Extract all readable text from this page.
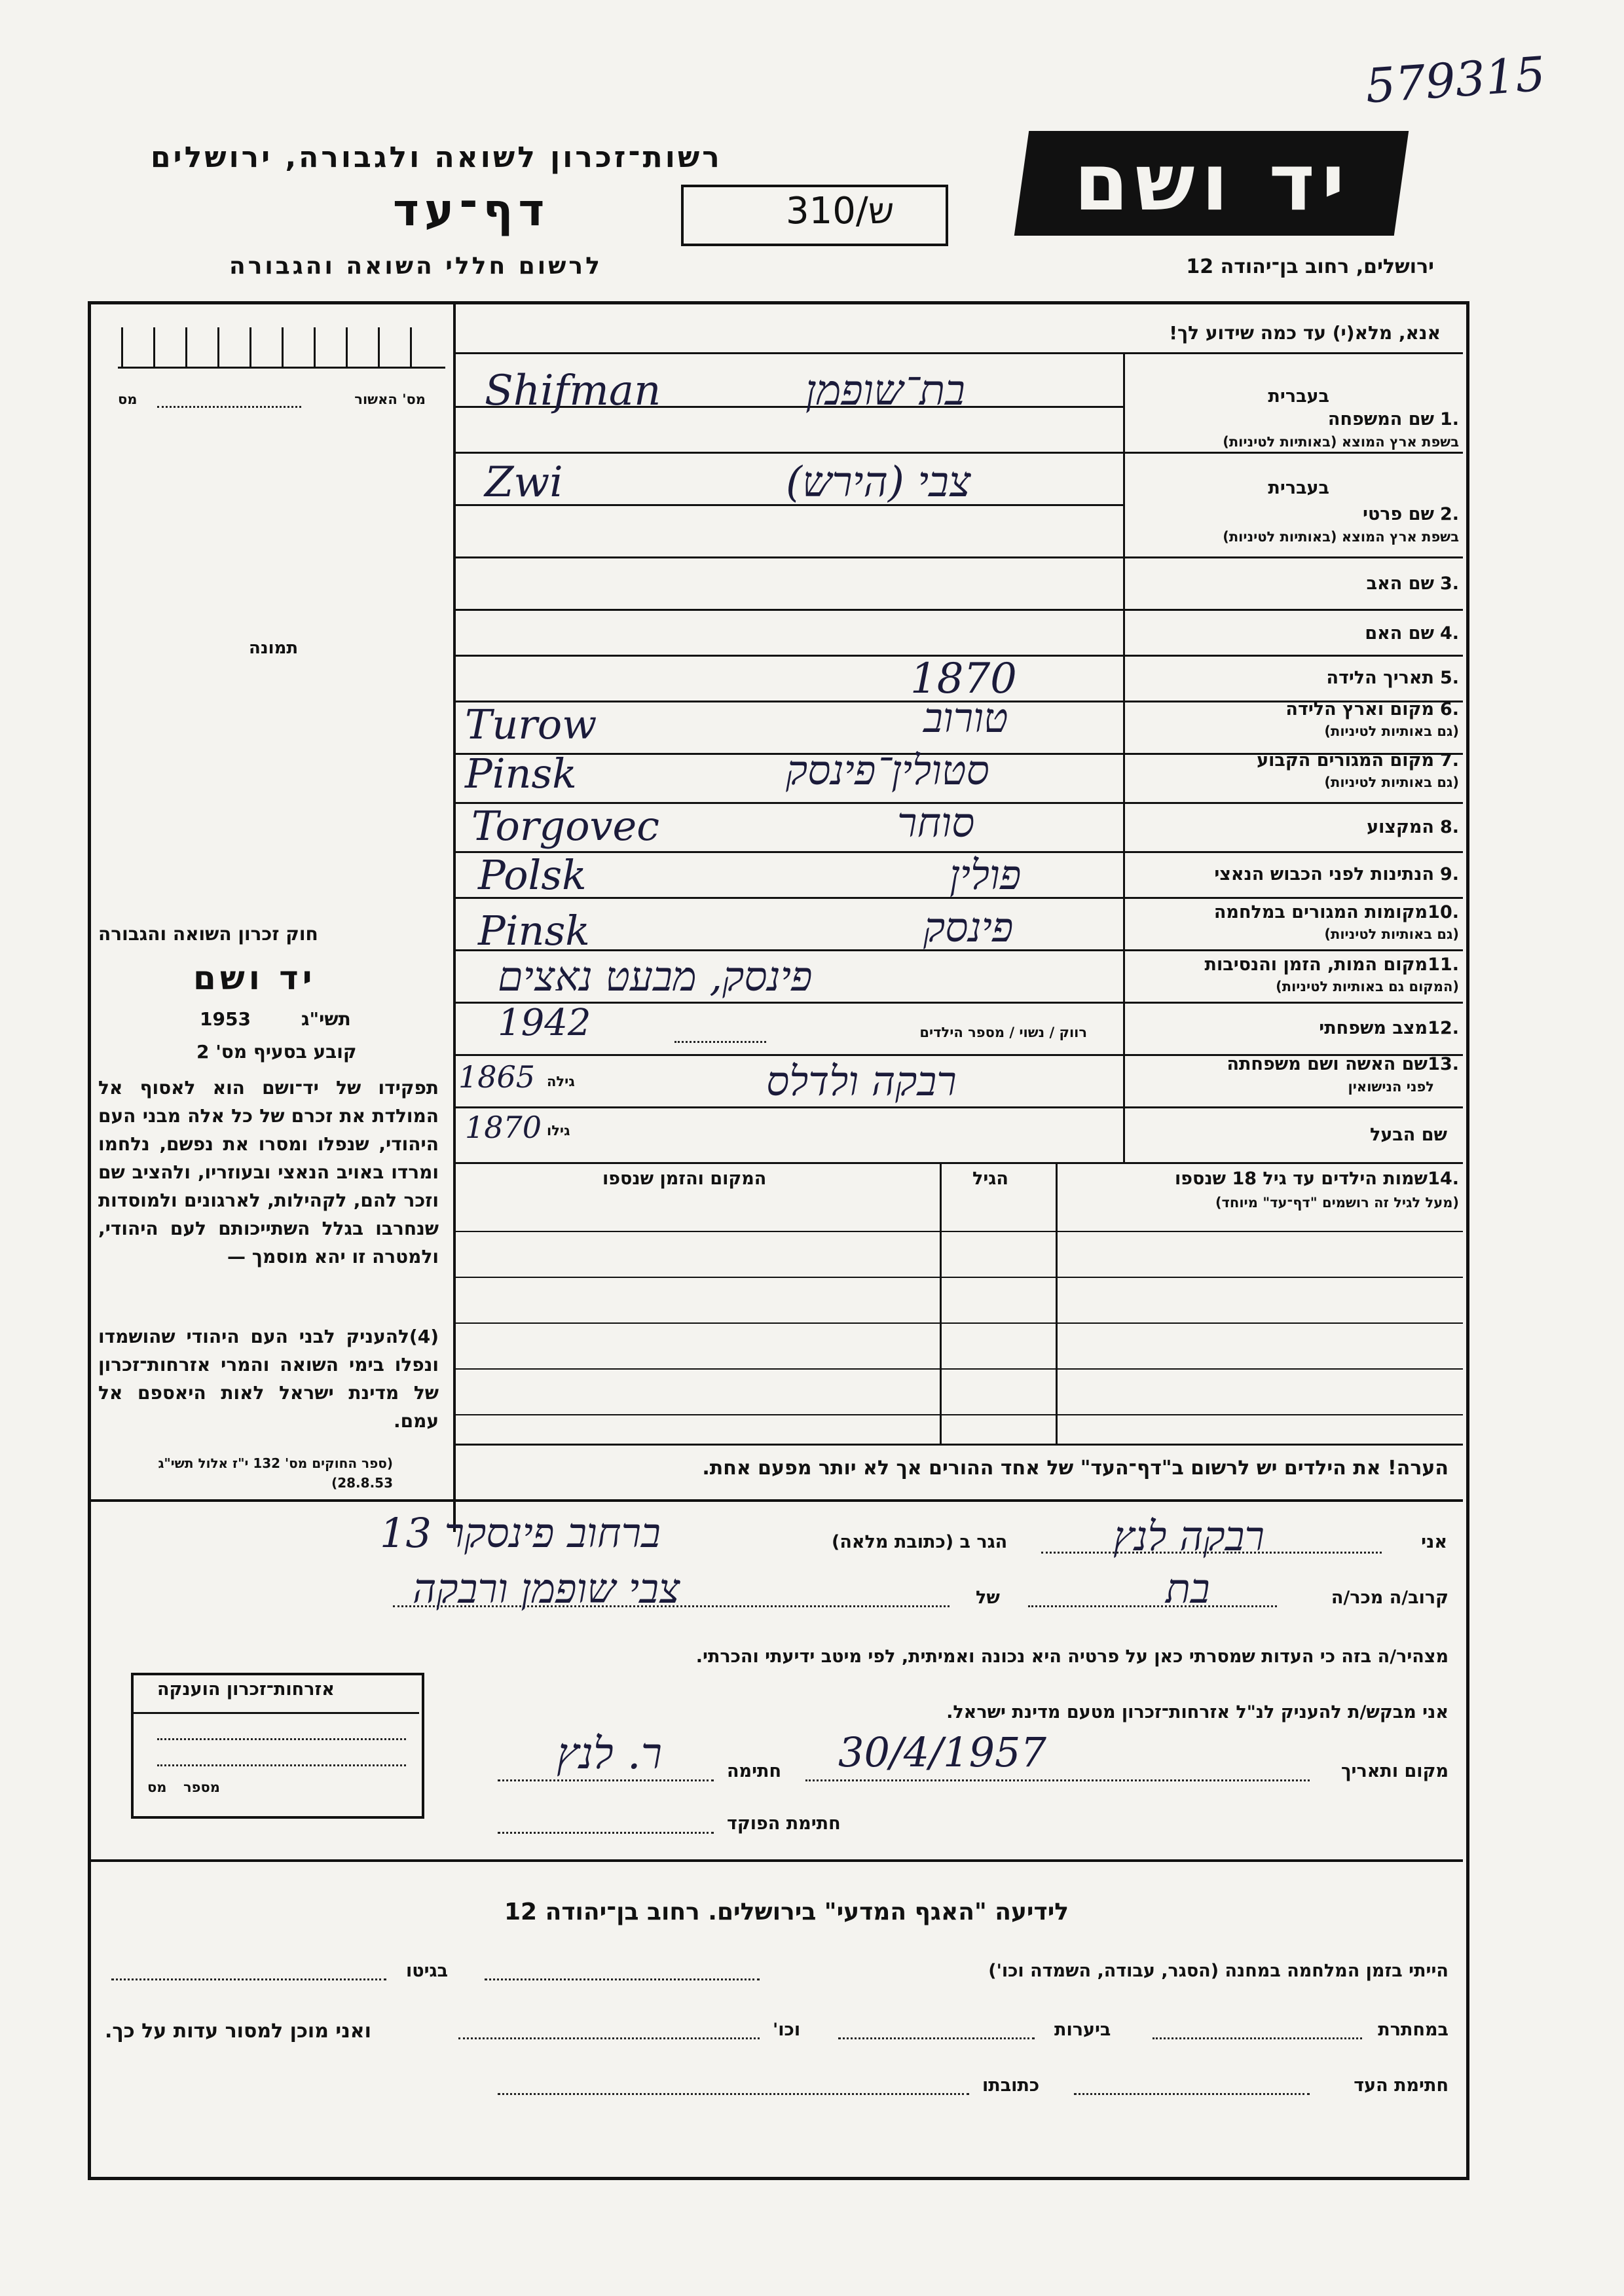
579315
רשות־זכרון לשואה ולגבורה, ירושלים
דף־עד	310/ש
לרשום חללי השואה והגבורה
יד ושם
ירושלים, רחוב בן־יהודה 12
מס' האשור
מס
תמונה
חוק זכרון השואה והגבורה
יד ושם
תשי"ג
1953
קובע בסעיף מס' 2
תפקידו של יד־ושם הוא לאסוף אל המולדת את זכרם של כל אלה מבני העם היהודי, שנפלו ומסרו את נפשם, נלחמו ומרדו באויב הנאצי ובעוזריו, ולהציב שם וזכר להם, לקהילות, לארגונים ולמוסדות שנחרבו בגלל השתייכותם לעם היהודי, ולמטרה זו יהא מוסמך —
(4)להעניק לבני העם היהודי שהושמדו ונפלו בימי השואה והמרי אזרחות־זכרון של מדינת ישראל לאות היאספם אל עמם.
(ספר החוקים מס' 132 י"ז אלול תשי"ג 28.8.53)
אנא, מלא(י) עד כמה שידוע לך!
בעברית
1.
שם המשפחה
בשפת ארץ המוצא (באותיות לטיניות)
בת־שופמן
Shifman
בעברית
2.
שם פרטי
בשפת ארץ המוצא (באותיות לטיניות)
צבי (הירש)
Zwi
3.
שם האב
4.
שם האם
5.
תאריך הלידה
1870
6.
מקום וארץ הלידה
(גם באותיות לטיניות)
טורוב
Turow
7.
מקום המגורים הקבוע
(גם באותיות לטיניות)
סטולין־פינסק
Pinsk
8.
המקצוע
סוחר
Torgovec
9.
הנתינות לפני הכבוש הנאצי
פולין
Polsk
10.
מקומות המגורים במלחמה
(גם באותיות לטיניות)
פינסק
Pinsk
11.
מקום המות, הזמן והנסיבות
(המקום גם באותיות לטיניות)
פינסק, מבעט נאצים
12.
מצב משפחתי
רווק / נשוי / מספר הילדים
1942
13.
שם האשה ושם משפחתה
לפני הנישואין
רבקה ולדלס
גילה
1865
שם הבעל
גילו
1870
14.
שמות הילדים עד גיל 18 שנספו
(מעל לגיל זה רושמים "דף־עד" מיוחד)
הגיל
המקום והזמן שנספו
הערה! את הילדים יש לרשום ב"דף־העד" של אחד ההורים אך לא יותר מפעם אחת.
אני
רבקה לנץ
הגר ב (כתובת מלאה)
ברחוב פינסקר 13
קרוב/ה מכר/ה
בת
של
צבי שופמן ורבקה
מצהיר/ה בזה כי העדות שמסרתי כאן על פרטיה היא נכונה ואמיתית, לפי מיטב ידיעתי והכרתי.
אני מבקש/ת להעניק לנ"ל אזרחות־זכרון מטעם מדינת ישראל.
מקום ותאריך
30/4/1957
חתימה
ר. לנץ
חתימת הפוקד
אזרחות־זכרון הוענקה
מספר
מס
לידיעה "האגף המדעי" בירושלים. רחוב בן־יהודה 12
הייתי בזמן המלחמה במחנה (הסגר, עבודה, השמדה וכו')
בגיטו
במחתרת
ביערות
וכו'
ואני מוכן למסור עדות על כך.
חתימת העד
כתובתו
